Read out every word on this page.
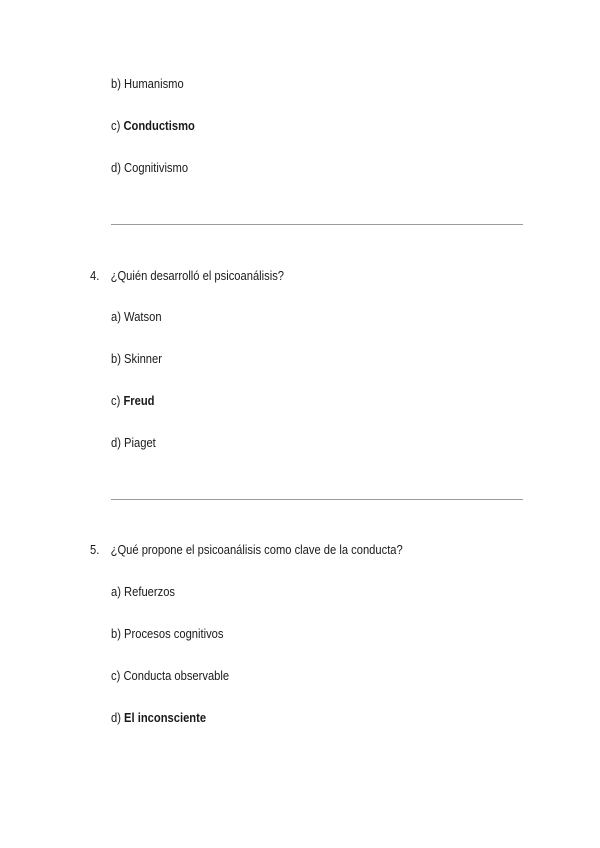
b) Humanismo
c) Conductismo
d) Cognitivismo
4. ¿Quién desarrolló el psicoanálisis?
a) Watson
b) Skinner
c) Freud
d) Piaget
5. ¿Qué propone el psicoanálisis como clave de la conducta?
a) Refuerzos
b) Procesos cognitivos
c) Conducta observable
d) El inconsciente
